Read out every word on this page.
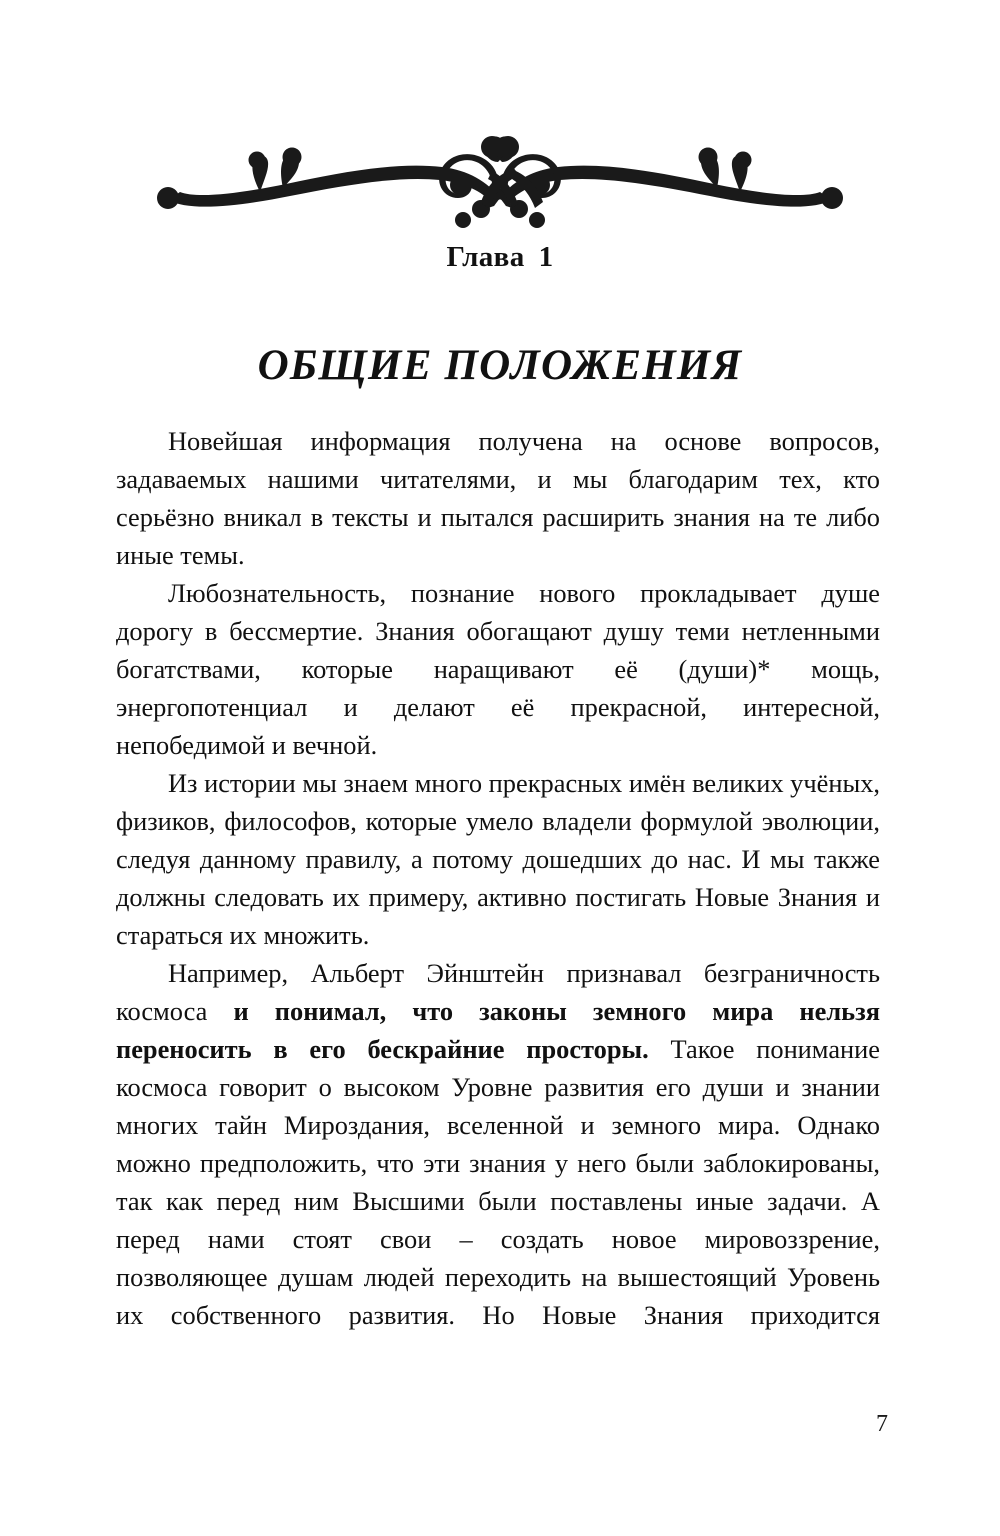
Глава 1
ОБЩИЕ ПОЛОЖЕНИЯ

Новейшая информация получена на основе вопросов, задаваемых нашими читателями, и мы благодарим тех, кто серьёзно вникал в тексты и пытался расширить знания на те либо иные темы.

Любознательность, познание нового прокладывает душе дорогу в бессмертие. Знания обогащают душу теми нетленными богатствами, которые наращивают её (души)* мощь, энергопотенциал и делают её прекрасной, интересной, непобедимой и вечной.

Из истории мы знаем много прекрасных имён великих учёных, физиков, философов, которые умело владели формулой эволюции, следуя данному правилу, а потому дошедших до нас. И мы также должны следовать их примеру, активно постигать Новые Знания и стараться их множить.

Например, Альберт Эйнштейн признавал безграничность космоса и понимал, что законы земного мира нельзя переносить в его бескрайние просторы. Такое понимание космоса говорит о высоком Уровне развития его души и знании многих тайн Мироздания, вселенной и земного мира. Однако можно предположить, что эти знания у него были заблокированы, так как перед ним Высшими были поставлены иные задачи. А перед нами стоят свои – создать новое мировоззрение, позволяющее душам людей переходить на вышестоящий Уровень их собственного развития. Но Новые Знания приходится

7
